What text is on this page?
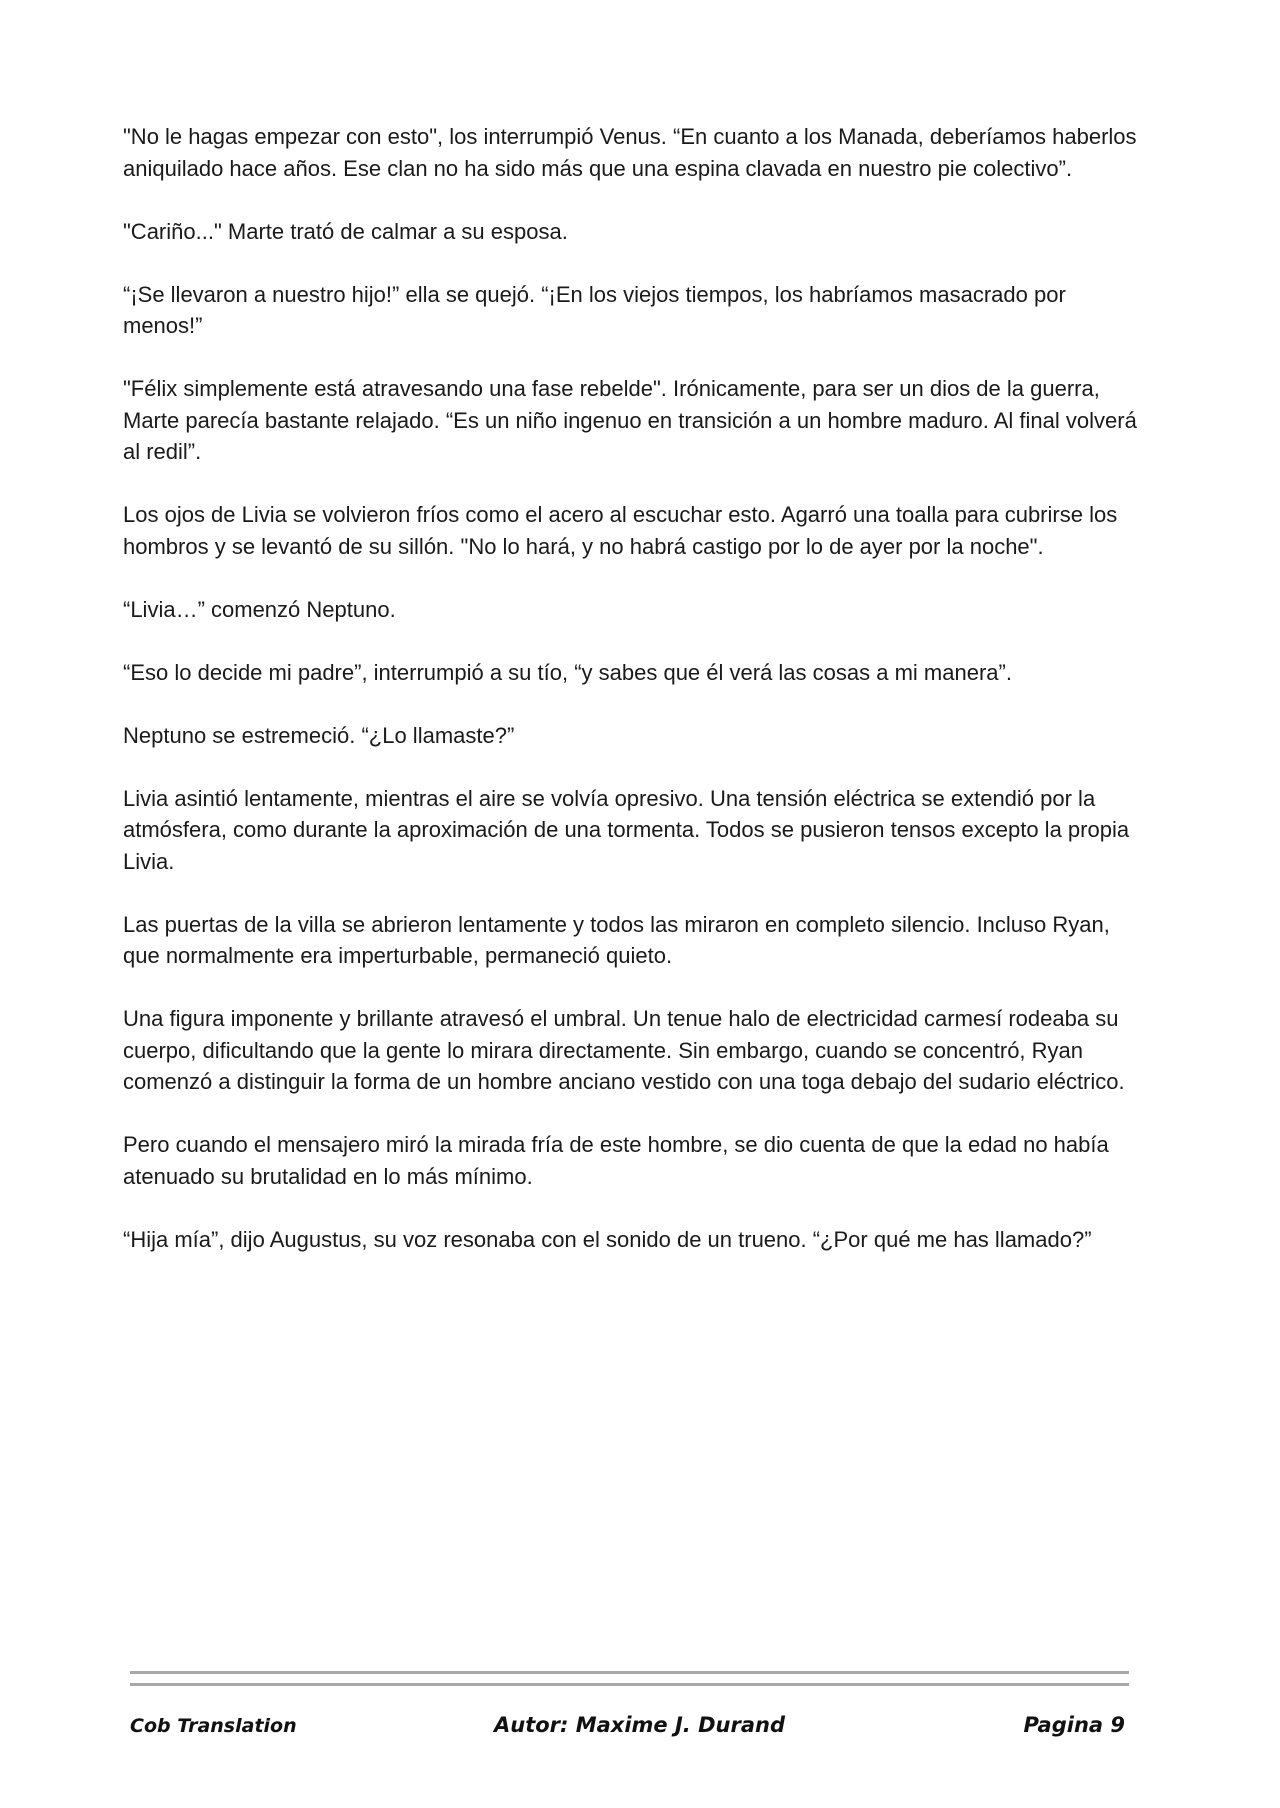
"No le hagas empezar con esto", los interrumpió Venus. “En cuanto a los Manada, deberíamos haberlos aniquilado hace años. Ese clan no ha sido más que una espina clavada en nuestro pie colectivo”.

"Cariño..." Marte trató de calmar a su esposa.

“¡Se llevaron a nuestro hijo!” ella se quejó. “¡En los viejos tiempos, los habríamos masacrado por menos!”

"Félix simplemente está atravesando una fase rebelde". Irónicamente, para ser un dios de la guerra, Marte parecía bastante relajado. “Es un niño ingenuo en transición a un hombre maduro. Al final volverá al redil”.

Los ojos de Livia se volvieron fríos como el acero al escuchar esto. Agarró una toalla para cubrirse los hombros y se levantó de su sillón. "No lo hará, y no habrá castigo por lo de ayer por la noche".

“Livia…” comenzó Neptuno.

“Eso lo decide mi padre”, interrumpió a su tío, “y sabes que él verá las cosas a mi manera”.

Neptuno se estremeció. “¿Lo llamaste?”

Livia asintió lentamente, mientras el aire se volvía opresivo. Una tensión eléctrica se extendió por la atmósfera, como durante la aproximación de una tormenta. Todos se pusieron tensos excepto la propia Livia.

Las puertas de la villa se abrieron lentamente y todos las miraron en completo silencio. Incluso Ryan, que normalmente era imperturbable, permaneció quieto.

Una figura imponente y brillante atravesó el umbral. Un tenue halo de electricidad carmesí rodeaba su cuerpo, dificultando que la gente lo mirara directamente. Sin embargo, cuando se concentró, Ryan comenzó a distinguir la forma de un hombre anciano vestido con una toga debajo del sudario eléctrico.

Pero cuando el mensajero miró la mirada fría de este hombre, se dio cuenta de que la edad no había atenuado su brutalidad en lo más mínimo.

“Hija mía”, dijo Augustus, su voz resonaba con el sonido de un trueno. “¿Por qué me has llamado?”

Cob Translation	Autor: Maxime J. Durand	Pagina 9
